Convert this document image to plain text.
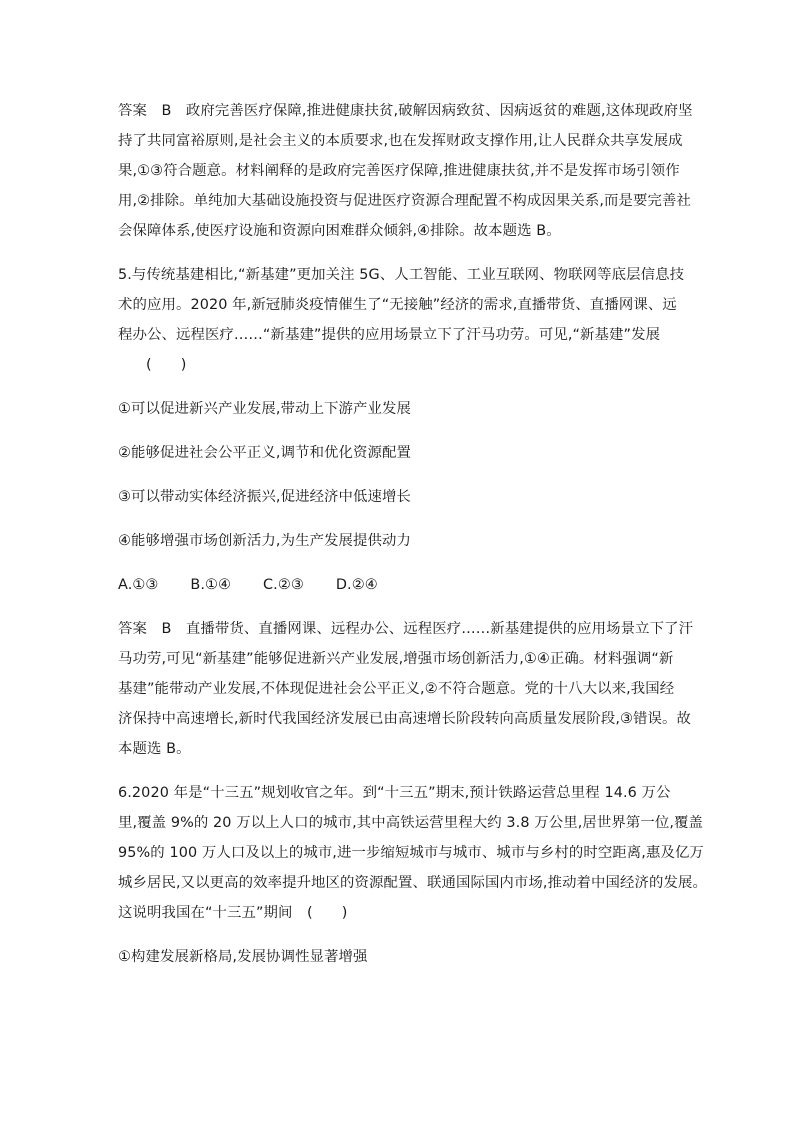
答案　B　政府完善医疗保障,推进健康扶贫,破解因病致贫、因病返贫的难题,这体现政府坚
持了共同富裕原则,是社会主义的本质要求,也在发挥财政支撑作用,让人民群众共享发展成
果,①③符合题意。材料阐释的是政府完善医疗保障,推进健康扶贫,并不是发挥市场引领作
用,②排除。单纯加大基础设施投资与促进医疗资源合理配置不构成因果关系,而是要完善社
会保障体系,使医疗设施和资源向困难群众倾斜,④排除。故本题选 B。

5.与传统基建相比,“新基建”更加关注 5G、人工智能、工业互联网、物联网等底层信息技
术的应用。2020 年,新冠肺炎疫情催生了“无接触”经济的需求,直播带货、直播网课、远
程办公、远程医疗……“新基建”提供的应用场景立下了汗马功劳。可见,“新基建”发展
(　　)

①可以促进新兴产业发展,带动上下游产业发展

②能够促进社会公平正义,调节和优化资源配置

③可以带动实体经济振兴,促进经济中低速增长

④能够增强市场创新活力,为生产发展提供动力

A.①③ B.①④ C.②③ D.②④

答案　B　直播带货、直播网课、远程办公、远程医疗……新基建提供的应用场景立下了汗
马功劳,可见“新基建”能够促进新兴产业发展,增强市场创新活力,①④正确。材料强调“新
基建”能带动产业发展,不体现促进社会公平正义,②不符合题意。党的十八大以来,我国经
济保持中高速增长,新时代我国经济发展已由高速增长阶段转向高质量发展阶段,③错误。故
本题选 B。

6.2020 年是“十三五”规划收官之年。到“十三五”期末,预计铁路运营总里程 14.6 万公
里,覆盖 9%的 20 万以上人口的城市,其中高铁运营里程大约 3.8 万公里,居世界第一位,覆盖
95%的 100 万人口及以上的城市,进一步缩短城市与城市、城市与乡村的时空距离,惠及亿万
城乡居民,又以更高的效率提升地区的资源配置、联通国际国内市场,推动着中国经济的发展。
这说明我国在“十三五”期间　(　　)

①构建发展新格局,发展协调性显著增强
